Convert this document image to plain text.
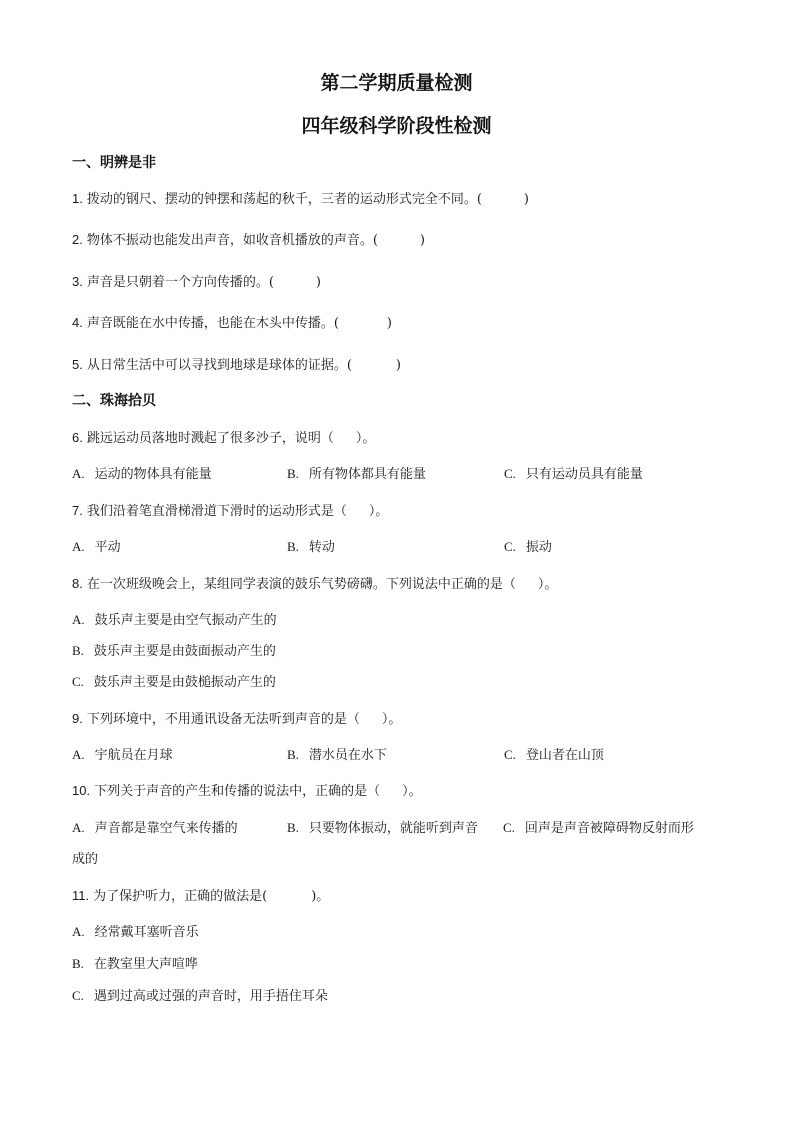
第二学期质量检测
四年级科学阶段性检测
一、明辨是非
1. 拨动的钢尺、摆动的钟摆和荡起的秋千，三者的运动形式完全不同。(	)
2. 物体不振动也能发出声音，如收音机播放的声音。(	)
3. 声音是只朝着一个方向传播的。(	)
4. 声音既能在水中传播，也能在木头中传播。(	)
5. 从日常生活中可以寻找到地球是球体的证据。(	)
二、珠海拾贝
6. 跳远运动员落地时溅起了很多沙子，说明（ ）。
A. 运动的物体具有能量	B. 所有物体都具有能量	C. 只有运动员具有能量
7. 我们沿着笔直滑梯滑道下滑时的运动形式是（ ）。
A. 平动	B. 转动	C. 振动
8. 在一次班级晚会上，某组同学表演的鼓乐气势磅礴。下列说法中正确的是（ ）。
A. 鼓乐声主要是由空气振动产生的
B. 鼓乐声主要是由鼓面振动产生的
C. 鼓乐声主要是由鼓槌振动产生的
9. 下列环境中，不用通讯设备无法听到声音的是（ ）。
A. 宇航员在月球	B. 潜水员在水下	C. 登山者在山顶
10. 下列关于声音的产生和传播的说法中，正确的是（ ）。
A. 声音都是靠空气来传播的	B. 只要物体振动，就能听到声音 C. 回声是声音被障碍物反射而形
成的
11. 为了保护听力，正确的做法是(	)。
A. 经常戴耳塞听音乐
B. 在教室里大声喧哗
C. 遇到过高或过强的声音时，用手捂住耳朵
